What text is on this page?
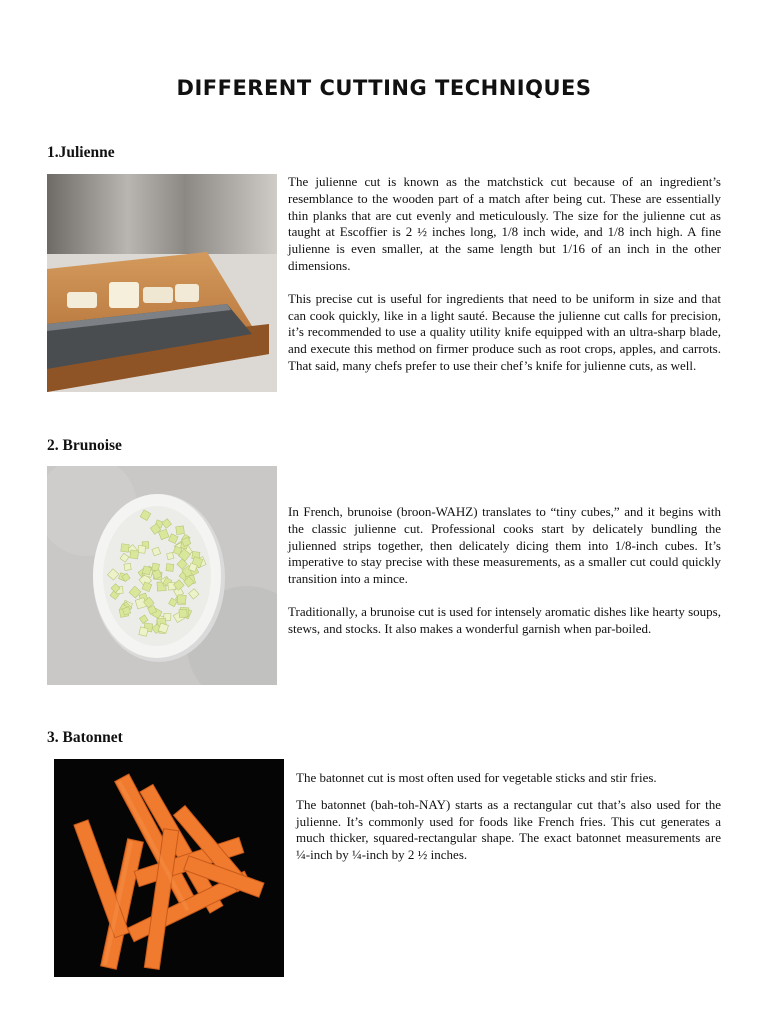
DIFFERENT CUTTING TECHNIQUES
1.Julienne

The julienne cut is known as the matchstick cut because of an ingredient’s resemblance to the wooden part of a match after being cut. These are essentially thin planks that are cut evenly and meticulously. The size for the julienne cut as taught at Escoffier is 2 ½ inches long, 1/8 inch wide, and 1/8 inch high. A fine julienne is even smaller, at the same length but 1/16 of an inch in the other dimensions.

This precise cut is useful for ingredients that need to be uniform in size and that can cook quickly, like in a light sauté. Because the julienne cut calls for precision, it’s recommended to use a quality utility knife equipped with an ultra-sharp blade, and execute this method on firmer produce such as root crops, apples, and carrots. That said, many chefs prefer to use their chef’s knife for julienne cuts, as well.

2. Brunoise

In French, brunoise (broon-WAHZ) translates to “tiny cubes,” and it begins with the classic julienne cut. Professional cooks start by delicately bundling the julienned strips together, then delicately dicing them into 1/8-inch cubes. It’s imperative to stay precise with these measurements, as a smaller cut could quickly transition into a mince.

Traditionally, a brunoise cut is used for intensely aromatic dishes like hearty soups, stews, and stocks. It also makes a wonderful garnish when par-boiled.

3. Batonnet

The batonnet cut is most often used for vegetable sticks and stir fries.

The batonnet (bah-toh-NAY) starts as a rectangular cut that’s also used for the julienne. It’s commonly used for foods like French fries. This cut generates a much thicker, squared-rectangular shape. The exact batonnet measurements are ¼-inch by ¼-inch by 2 ½ inches.
